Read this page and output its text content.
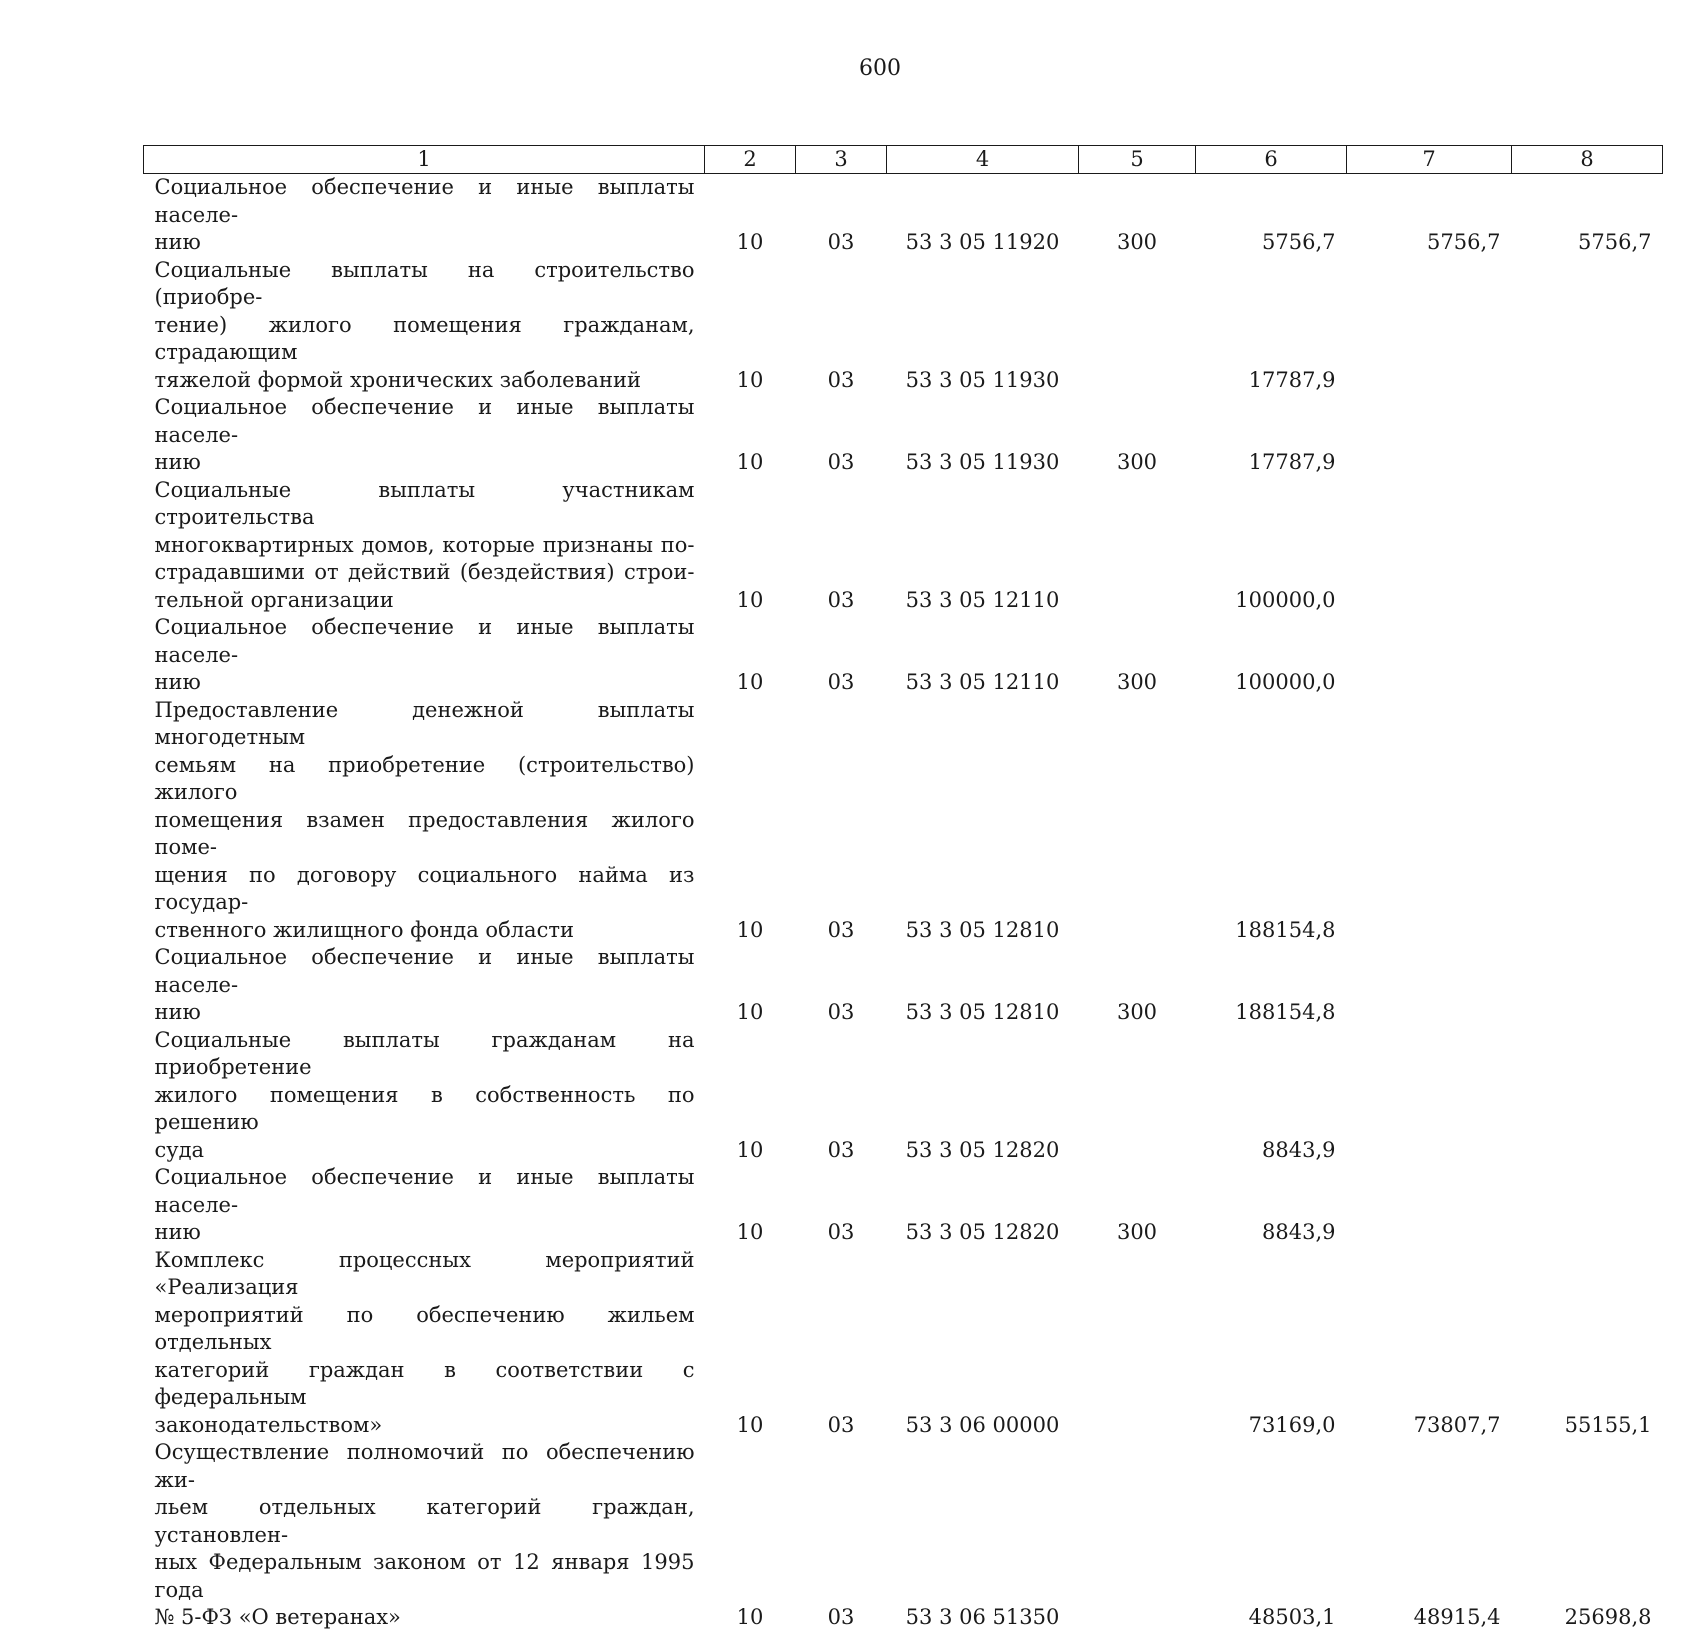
600
1	2	3	4	5	6	7	8

Социальное обеспечение и иные выплаты населе-
нию	10	03	53 3 05 11920	300	5756,7	5756,7	5756,7

Социальные выплаты на строительство (приобре-
тение) жилого помещения гражданам, страдающим
тяжелой формой хронических заболеваний	10	03	53 3 05 11930		17787,9		

Социальное обеспечение и иные выплаты населе-
нию	10	03	53 3 05 11930	300	17787,9		

Социальные выплаты участникам строительства
многоквартирных домов, которые признаны по-
страдавшими от действий (бездействия) строи-
тельной организации	10	03	53 3 05 12110		100000,0		

Социальное обеспечение и иные выплаты населе-
нию	10	03	53 3 05 12110	300	100000,0		

Предоставление денежной выплаты многодетным
семьям на приобретение (строительство) жилого
помещения взамен предоставления жилого поме-
щения по договору социального найма из государ-
ственного жилищного фонда области	10	03	53 3 05 12810		188154,8		

Социальное обеспечение и иные выплаты населе-
нию	10	03	53 3 05 12810	300	188154,8		

Социальные выплаты гражданам на приобретение
жилого помещения в собственность по решению
суда	10	03	53 3 05 12820		8843,9		

Социальное обеспечение и иные выплаты населе-
нию	10	03	53 3 05 12820	300	8843,9		

Комплекс процессных мероприятий «Реализация
мероприятий по обеспечению жильем отдельных
категорий граждан в соответствии с федеральным
законодательством»	10	03	53 3 06 00000		73169,0	73807,7	55155,1

Осуществление полномочий по обеспечению жи-
льем отдельных категорий граждан, установлен-
ных Федеральным законом от 12 января 1995 года
№ 5-ФЗ «О ветеранах»	10	03	53 3 06 51350		48503,1	48915,4	25698,8
